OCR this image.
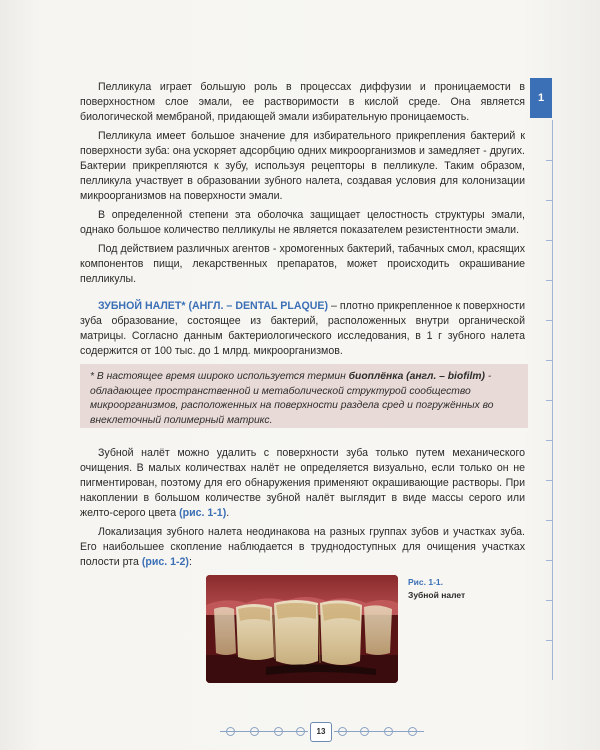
1

Пелликула играет большую роль в процессах диффузии и проницаемости в поверхностном слое эмали, ее растворимости в кислой среде. Она является биологической мембраной, придающей эмали избирательную проницаемость.

Пелликула имеет большое значение для избирательного прикрепления бактерий к поверхности зуба: она ускоряет адсорбцию одних микроорганизмов и замедляет - других. Бактерии прикрепляются к зубу, используя рецепторы в пелликуле. Таким образом, пелликула участвует в образовании зубного налета, создавая условия для колонизации микроорганизмов на поверхности эмали.

В определенной степени эта оболочка защищает целостность структуры эмали, однако большое количество пелликулы не является показателем резистентности эмали.

Под действием различных агентов - хромогенных бактерий, табачных смол, красящих компонентов пищи, лекарственных препаратов, может происходить окрашивание пелликулы.

ЗУБНОЙ НАЛЕТ* (АНГЛ. – DENTAL PLAQUE) – плотно прикрепленное к поверхности зуба образование, состоящее из бактерий, расположенных внутри органической матрицы. Согласно данным бактериологического исследования, в 1 г зубного налета содержится от 100 тыс. до 1 млрд. микроорганизмов.

* В настоящее время широко используется термин биоплёнка (англ. – biofilm) - обладающее пространственной и метаболической структурой сообщество микроорганизмов, расположенных на поверхности раздела сред и погружённых во внеклеточный полимерный матрикс.

Зубной налёт можно удалить с поверхности зуба только путем механического очищения. В малых количествах налёт не определяется визуально, если только он не пигментирован, поэтому для его обнаружения применяют окрашивающие растворы. При накоплении в большом количестве зубной налёт выглядит в виде массы серого или желто-серого цвета (рис. 1-1).

Локализация зубного налета неодинакова на разных группах зубов и участках зуба. Его наибольшее скопление наблюдается в труднодоступных для очищения участках полости рта (рис. 1-2):

Рис. 1-1.
Зубной налет
13
